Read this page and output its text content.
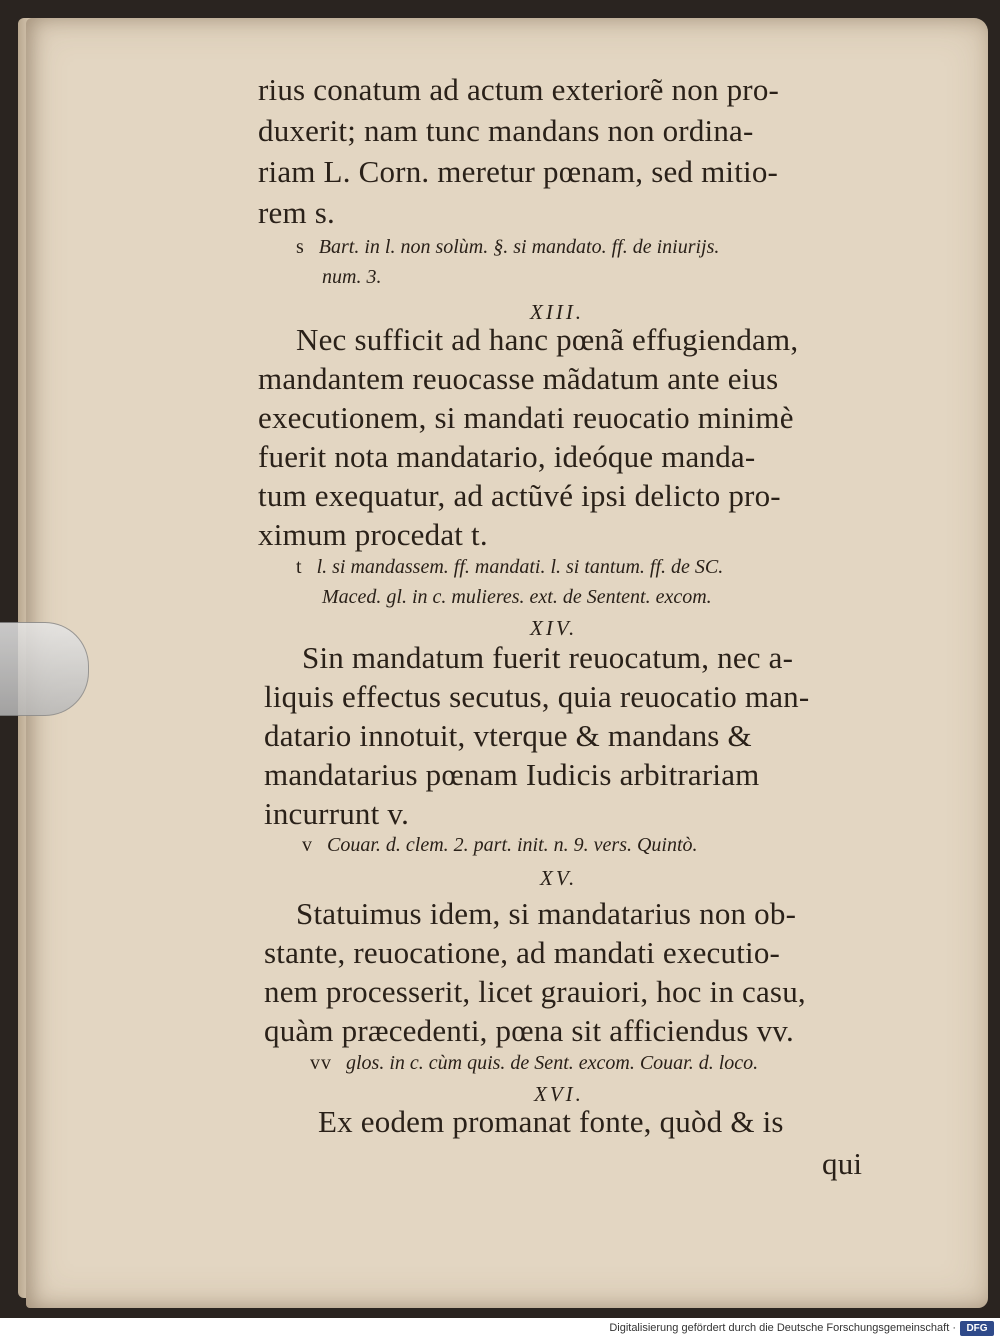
rius conatum ad actum exteriorẽ non pro-
duxerit; nam tunc mandans non ordina-
riam L. Corn. meretur pœnam, sed mitio-
rem s.
s Bart. in l. non solùm. §. si mandato. ff. de iniurijs.
num. 3.
XIII.
Nec sufficit ad hanc pœnã effugiendam,
mandantem reuocasse mãdatum ante eius
executionem, si mandati reuocatio minimè
fuerit nota mandatario, ideóque manda-
tum exequatur, ad actũvé ipsi delicto pro-
ximum procedat t.
t l. si mandassem. ff. mandati. l. si tantum. ff. de SC.
Maced. gl. in c. mulieres. ext. de Sentent. excom.
XIV.
Sin mandatum fuerit reuocatum, nec a-
liquis effectus secutus, quia reuocatio man-
datario innotuit, vterque & mandans &
mandatarius pœnam Iudicis arbitrariam
incurrunt v.
v Couar. d. clem. 2. part. init. n. 9. vers. Quintò.
XV.
Statuimus idem, si mandatarius non ob-
stante, reuocatione, ad mandati executio-
nem processerit, licet grauiori, hoc in casu,
quàm præcedenti, pœna sit afficiendus vv.
vv glos. in c. cùm quis. de Sent. excom. Couar. d. loco.
XVI.
Ex eodem promanat fonte, quòd & is
qui
Digitalisierung gefördert durch die Deutsche Forschungsgemeinschaft ·	DFG
